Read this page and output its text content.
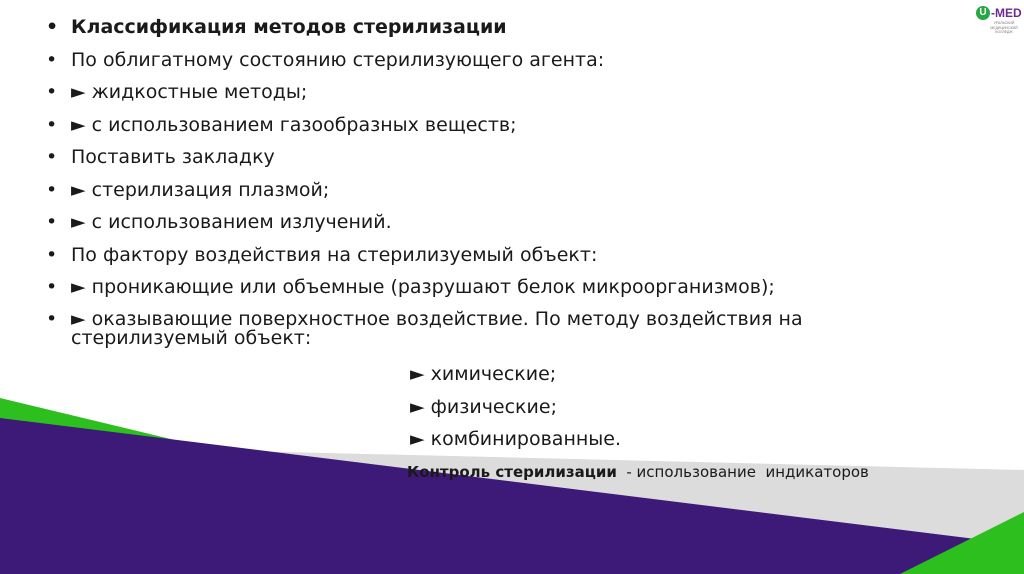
U -MED
УРАЛЬСКИЙ МЕДИЦИНСКИЙ КОЛЛЕДЖ
• Классификация методов стерилизации
• По облигатному состоянию стерилизующего агента:
• ► жидкостные методы;
• ► с использованием газообразных веществ;
• Поставить закладку
• ► стерилизация плазмой;
• ► с использованием излучений.
• По фактору воздействия на стерилизуемый объект:
• ► проникающие или объемные (разрушают белок микроорганизмов);
• ► оказывающие поверхностное воздействие. По методу воздействия на стерилизуемый объект:
► химические;
► физические;
► комбинированные.
Контроль стерилизации  - использование  индикаторов
